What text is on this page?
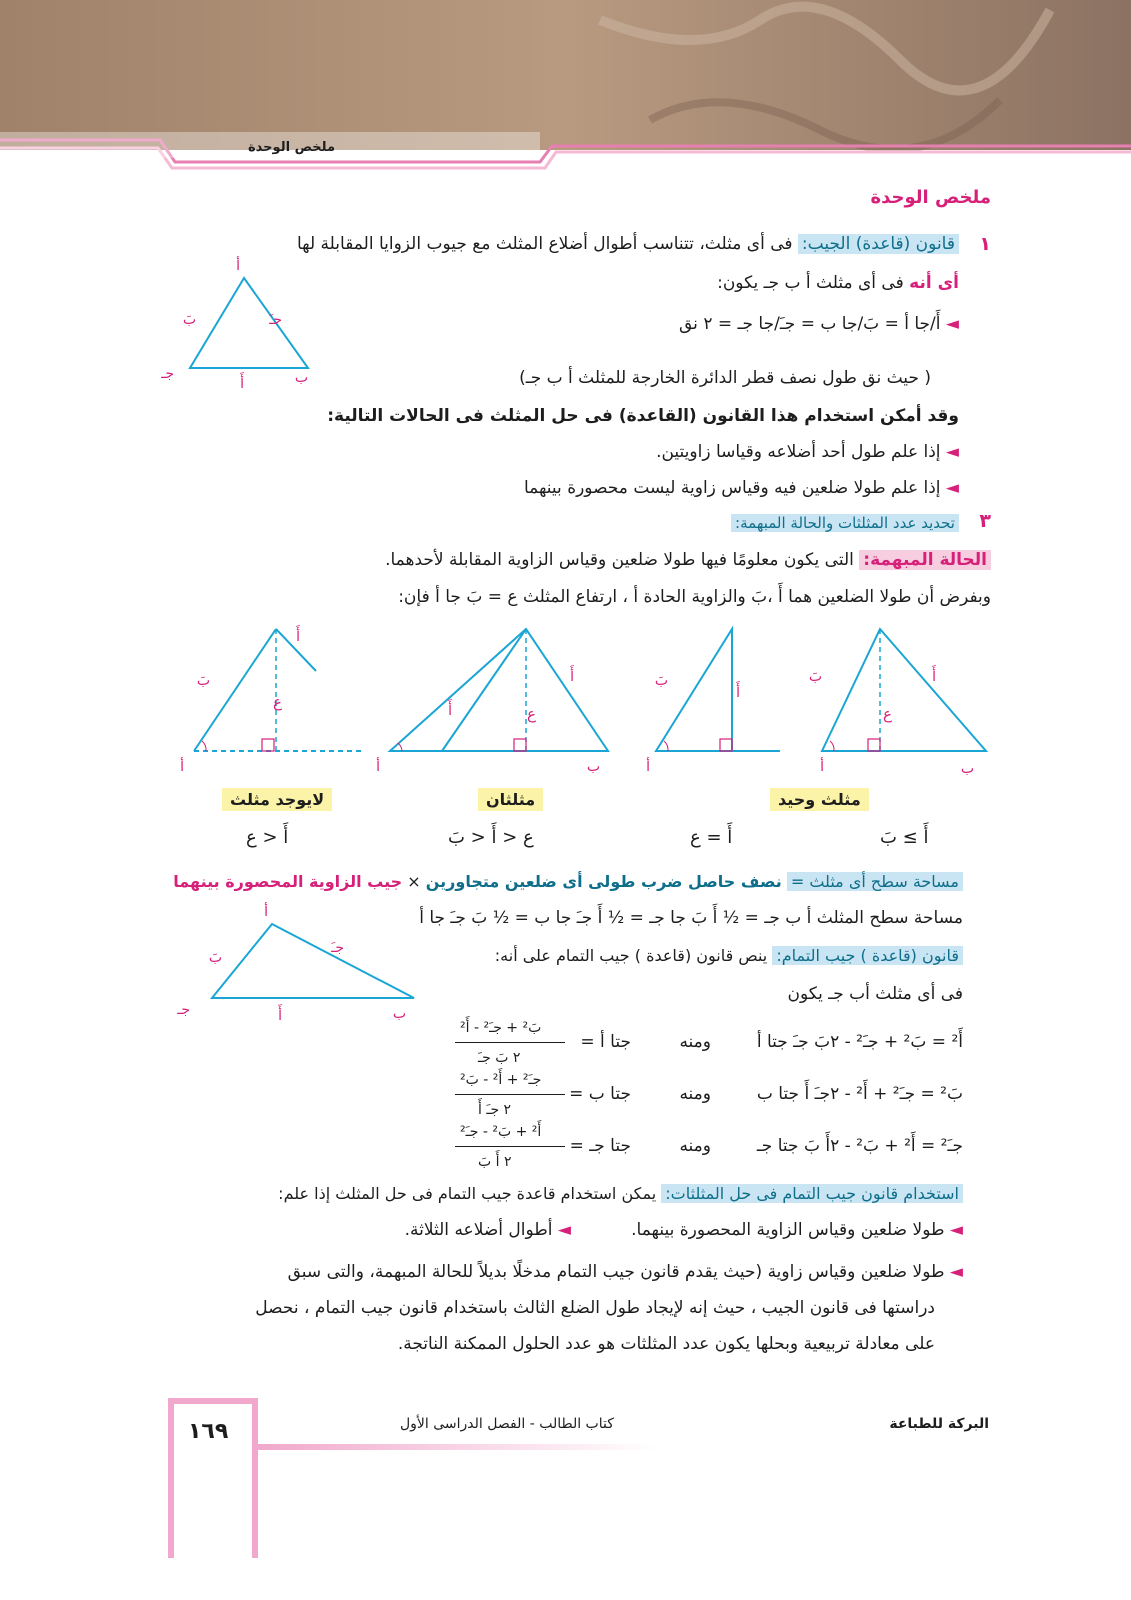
ملخص الوحدة
ملخص الوحدة
١
قانون (قاعدة) الجيب: فى أى مثلث، تتناسب أطوال أضلاع المثلث مع جيوب الزوايا المقابلة لها
أى أنه فى أى مثلث أ ب جـ يكون:
◄ أَ/جا أ = بَ/جا ب = جـَ/جا جـ = ٢ نق
( حيث نق طول نصف قطر الدائرة الخارجة للمثلث أ ب جـ)
وقد أمكن استخدام هذا القانون (القاعدة) فى حل المثلث فى الحالات التالية:
◄ إذا علم طول أحد أضلاعه وقياسا زاويتين.
◄ إذا علم طولا ضلعين فيه وقياس زاوية ليست محصورة بينهما
أ
جـ	ب
بَ	جـَ
أَ
٣
تحديد عدد المثلثات والحالة المبهمة:
الحالة المبهمة: التى يكون معلومًا فيها طولا ضلعين وقياس الزاوية المقابلة لأحدهما.
وبفرض أن طولا الضلعين هما أَ ،بَ والزاوية الحادة أ ، ارتفاع المثلث ع = بَ جا أ فإن:
ع
بَ
أَ
أ
ع
أَ
أَ
أ	ب
بَ
أَ
أ
ع
بَ	أَ
أ	ب
مثلث وحيد
مثلثان
لايوجد مثلث
أَ ≥ بَ
أَ = ع
ع < أَ < بَ
أَ < ع
مساحة سطح أى مثلث = نصف حاصل ضرب طولى أى ضلعين متجاورين × جيب الزاوية المحصورة بينهما
مساحة سطح المثلث أ ب جـ = ½ أَ بَ جا جـ = ½ أَ جـَ جا ب = ½ بَ جـَ جا أ
قانون (قاعدة ) جيب التمام: ينص قانون (قاعدة ) جيب التمام على أنه:
فى أى مثلث أب جـ يكون
أ
جـ	ب
بَ
جـَ
أَ
أَ² = بَ² + جـَ² - ٢بَ جـَ جتا أ
ومنه
جتا أ =
بَ² + جـَ² - أَ²
٢ بَ جـَ
بَ² = جـَ² + أَ² - ٢جـَ أَ جتا ب
ومنه
جتا ب =
جـَ² + أَ² - بَ²
٢ جـَ أَ
جـَ² = أَ² + بَ² - ٢أَ بَ جتا جـ
ومنه
جتا جـ =
أَ² + بَ² - جـَ²
٢ أَ بَ
استخدام قانون جيب التمام فى حل المثلثات: يمكن استخدام قاعدة جيب التمام فى حل المثلث إذا علم:
◄ طولا ضلعين وقياس الزاوية المحصورة بينهما.
◄ أطوال أضلاعه الثلاثة.
◄ طولا ضلعين وقياس زاوية (حيث يقدم قانون جيب التمام مدخلًا بديلاً للحالة المبهمة، والتى سبق
دراستها فى قانون الجيب ، حيث إنه لإيجاد طول الضلع الثالث باستخدام قانون جيب التمام ، نحصل
على معادلة تربيعية وبحلها يكون عدد المثلثات هو عدد الحلول الممكنة الناتجة.
١٦٩	كتاب الطالب - الفصل الدراسى الأول	البركة للطباعة
